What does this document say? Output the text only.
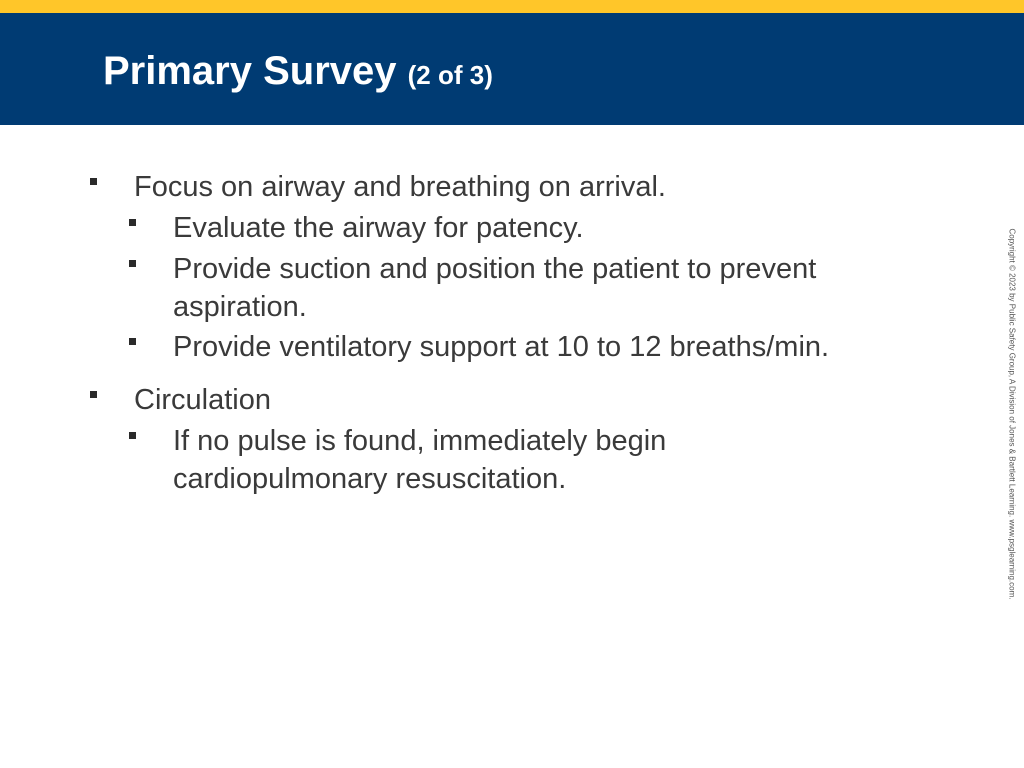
Primary Survey (2 of 3)
Focus on airway and breathing on arrival.
Evaluate the airway for patency.
Provide suction and position the patient to prevent aspiration.
Provide ventilatory support at 10 to 12 breaths/min.
Circulation
If no pulse is found, immediately begin cardiopulmonary resuscitation.	Copyright © 2023 by Public Safety Group, A Division of Jones & Bartlett Learning. www.psglearning.com.
